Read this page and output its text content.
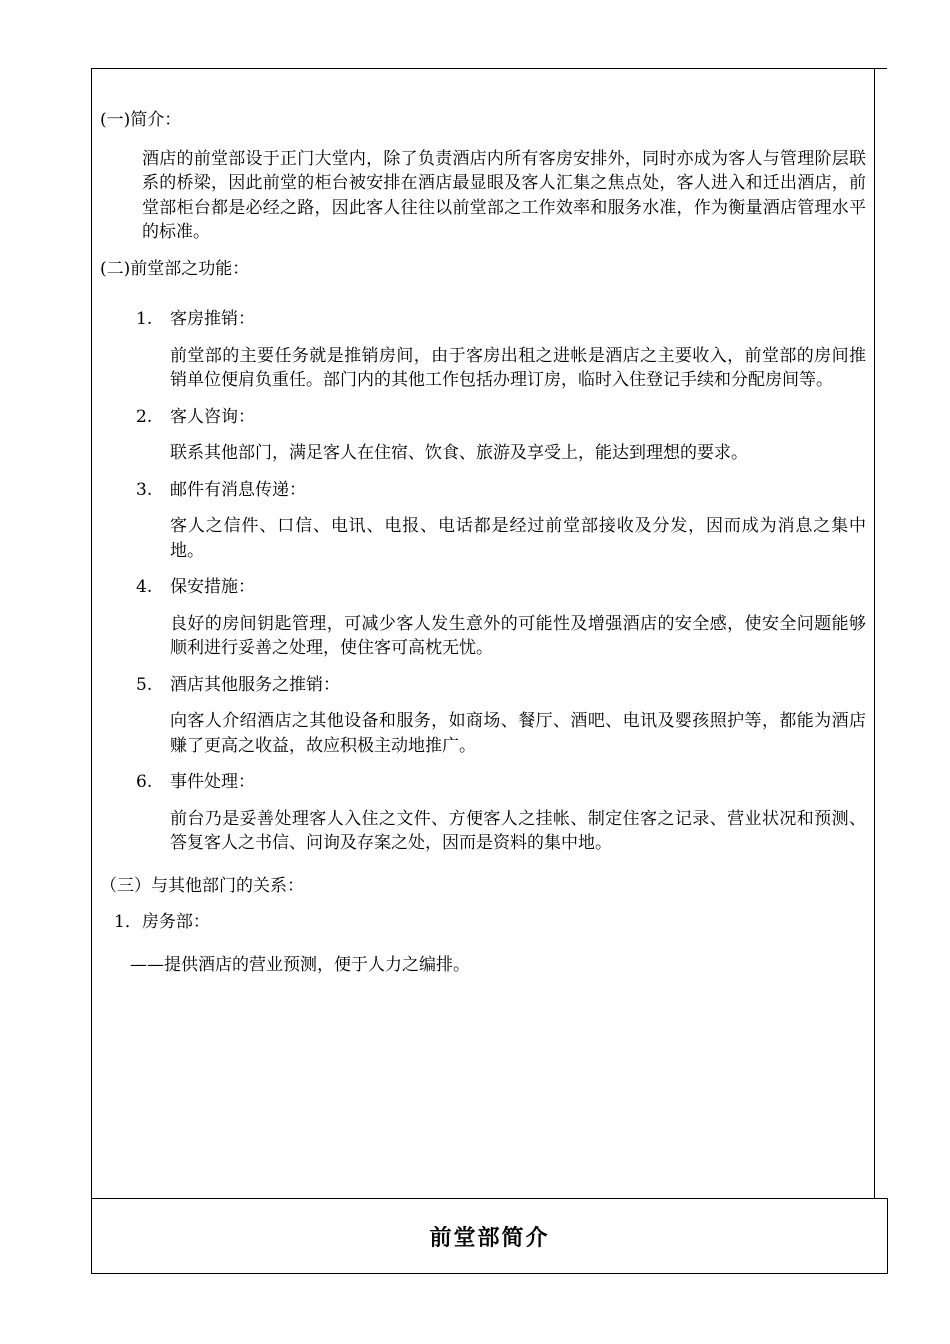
(一)简介：
酒店的前堂部设于正门大堂内，除了负责酒店内所有客房安排外，同时亦成为客人与管理阶层联系的桥梁，因此前堂的柜台被安排在酒店最显眼及客人汇集之焦点处，客人进入和迁出酒店，前堂部柜台都是必经之路，因此客人往往以前堂部之工作效率和服务水准，作为衡量酒店管理水平的标准。
(二)前堂部之功能：
1. 客房推销：
前堂部的主要任务就是推销房间，由于客房出租之进帐是酒店之主要收入，前堂部的房间推销单位便肩负重任。部门内的其他工作包括办理订房，临时入住登记手续和分配房间等。
2. 客人咨询：
联系其他部门，满足客人在住宿、饮食、旅游及享受上，能达到理想的要求。
3. 邮件有消息传递：
客人之信件、口信、电讯、电报、电话都是经过前堂部接收及分发，因而成为消息之集中地。
4. 保安措施：
良好的房间钥匙管理，可减少客人发生意外的可能性及增强酒店的安全感，使安全问题能够顺利进行妥善之处理，使住客可高枕无忧。
5. 酒店其他服务之推销：
向客人介绍酒店之其他设备和服务，如商场、餐厅、酒吧、电讯及婴孩照护等，都能为酒店赚了更高之收益，故应积极主动地推广。
6. 事件处理：
前台乃是妥善处理客人入住之文件、方便客人之挂帐、制定住客之记录、营业状况和预测、答复客人之书信、问询及存案之处，因而是资料的集中地。
（三）与其他部门的关系：
1．房务部：
——提供酒店的营业预测，便于人力之编排。
前堂部简介
